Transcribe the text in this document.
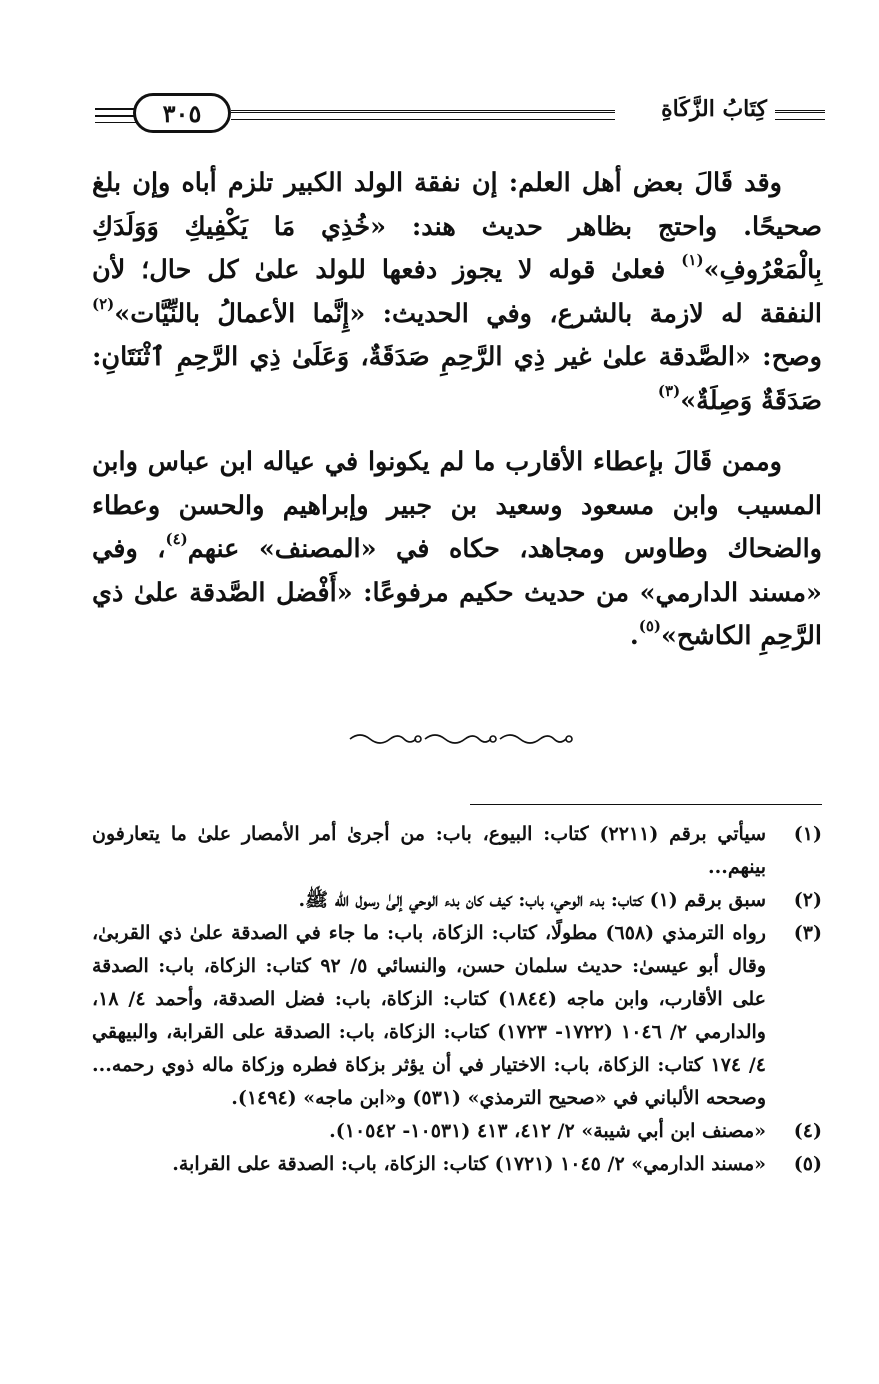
٣٠٥	كِتَابُ الزَّكَاةِ

وقد قَالَ بعض أهل العلم: إن نفقة الولد الكبير تلزم أباه وإن بلغ صحيحًا. واحتج بظاهر حديث هند: «خُذِي مَا يَكْفِيكِ وَوَلَدَكِ بِالْمَعْرُوفِ»$^{(١)}$ فعلىٰ قوله لا يجوز دفعها للولد علىٰ كل حال؛ لأن النفقة له لازمة بالشرع، وفي الحديث: «إِنَّما الأعمالُ بالنِّيَّات»$^{(٢)}$ وصح: «الصَّدقة علىٰ غير ذِي الرَّحِمِ صَدَقَةٌ، وَعَلَىٰ ذِي الرَّحِمِ ٱثْنَتَانِ: صَدَقَةٌ وَصِلَةٌ»$^{(٣)}$

وممن قَالَ بإعطاء الأقارب ما لم يكونوا في عياله ابن عباس وابن المسيب وابن مسعود وسعيد بن جبير وإبراهيم والحسن وعطاء والضحاك وطاوس ومجاهد، حكاه في «المصنف» عنهم$^{(٤)}$، وفي «مسند الدارمي» من حديث حكيم مرفوعًا: «أَفْضل الصَّدقة علىٰ ذي الرَّحِمِ الكاشح»$^{(٥)}$.

(١)
سيأتي برقم (٢٢١١) كتاب: البيوع، باب: من أجرىٰ أمر الأمصار علىٰ ما يتعارفون بينهم...
(٢)
سبق برقم (١) كتاب: بدء الوحي، باب: كيف كان بدء الوحي إلىٰ رسول الله ﷺ.
(٣)
رواه الترمذي (٦٥٨) مطولًا، كتاب: الزكاة، باب: ما جاء في الصدقة علىٰ ذي القربىٰ، وقال أبو عيسىٰ: حديث سلمان حسن، والنسائي ٥/ ٩٢ كتاب: الزكاة، باب: الصدقة على الأقارب، وابن ماجه (١٨٤٤) كتاب: الزكاة، باب: فضل الصدقة، وأحمد ٤/ ١٨، والدارمي ٢/ ١٠٤٦ (١٧٢٢- ١٧٢٣) كتاب: الزكاة، باب: الصدقة على القرابة، والبيهقي ٤/ ١٧٤ كتاب: الزكاة، باب: الاختيار في أن يؤثر بزكاة فطره وزكاة ماله ذوي رحمه... وصححه الألباني في «صحيح الترمذي» (٥٣١) و«ابن ماجه» (١٤٩٤).
(٤)
«مصنف ابن أبي شيبة» ٢/ ٤١٢، ٤١٣ (١٠٥٣١- ١٠٥٤٢).
(٥)
«مسند الدارمي» ٢/ ١٠٤٥ (١٧٢١) كتاب: الزكاة، باب: الصدقة على القرابة.
